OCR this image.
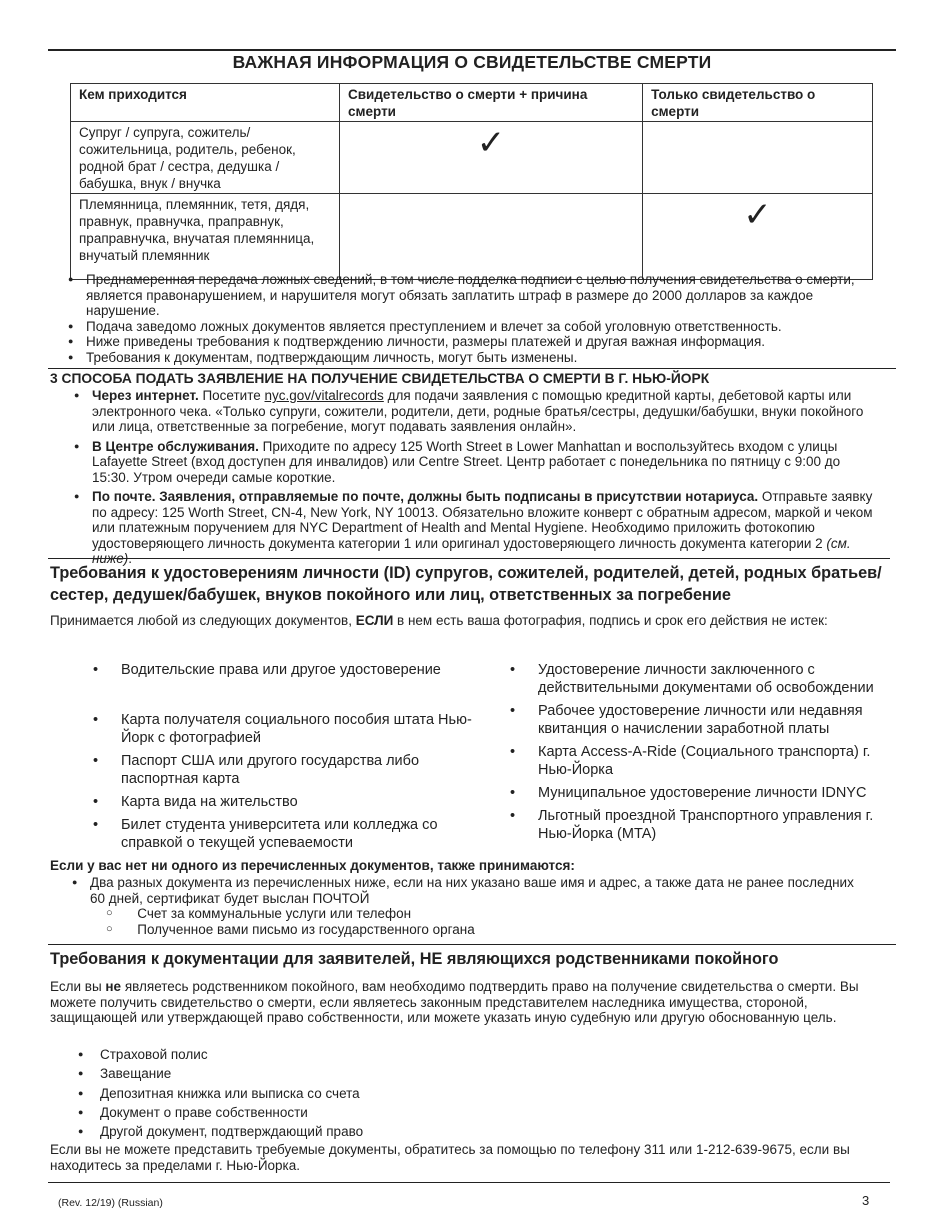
ВАЖНАЯ ИНФОРМАЦИЯ О СВИДЕТЕЛЬСТВЕ СМЕРТИ
Кем приходится	Свидетельство о смерти + причина смерти	Только свидетельство о смерти
Супруг / супруга, сожитель/сожительница, родитель, ребенок, родной брат / сестра, дедушка / бабушка, внук / внучка	✓	
Племянница, племянник, тетя, дядя, правнук, правнучка, праправнук, праправнучка, внучатая племянница, внучатый племянник		✓
● Преднамеренная передача ложных сведений, в том числе подделка подписи с целью получения свидетельства о смерти, является правонарушением, и нарушителя могут обязать заплатить штраф в размере до 2000 долларов за каждое нарушение.
● Подача заведомо ложных документов является преступлением и влечет за собой уголовную ответственность.
● Ниже приведены требования к подтверждению личности, размеры платежей и другая важная информация.
● Требования к документам, подтверждающим личность, могут быть изменены.
3 СПОСОБА ПОДАТЬ ЗАЯВЛЕНИЕ НА ПОЛУЧЕНИЕ СВИДЕТЕЛЬСТВА О СМЕРТИ В Г. НЬЮ-ЙОРК
● Через интернет. Посетите nyc.gov/vitalrecords для подачи заявления с помощью кредитной карты, дебетовой карты или электронного чека. «Только супруги, сожители, родители, дети, родные братья/сестры, дедушки/бабушки, внуки покойного или лица, ответственные за погребение, могут подавать заявления онлайн».
● В Центре обслуживания. Приходите по адресу 125 Worth Street в Lower Manhattan и воспользуйтесь входом с улицы Lafayette Street (вход доступен для инвалидов) или Centre Street. Центр работает с понедельника по пятницу с 9:00 до 15:30. Утром очереди самые короткие.
● По почте. Заявления, отправляемые по почте, должны быть подписаны в присутствии нотариуса. Отправьте заявку по адресу: 125 Worth Street, CN-4, New York, NY 10013. Обязательно вложите конверт с обратным адресом, маркой и чеком или платежным поручением для NYC Department of Health and Mental Hygiene. Необходимо приложить фотокопию удостоверяющего личность документа категории 1 или оригинал удостоверяющего личность документа категории 2 (см. ниже).
Требования к удостоверениям личности (ID) супругов, сожителей, родителей, детей, родных братьев/сестер, дедушек/бабушек, внуков покойного или лиц, ответственных за погребение

Принимается любой из следующих документов, ЕСЛИ в нем есть ваша фотография, подпись и срок его действия не истек:

• Водительские права или другое удостоверение
• Карта получателя социального пособия штата Нью-Йорк с фотографией
• Паспорт США или другого государства либо паспортная карта
• Карта вида на жительство
• Билет студента университета или колледжа со справкой о текущей успеваемости
• Удостоверение личности заключенного с действительными документами об освобождении
• Рабочее удостоверение личности или недавняя квитанция о начислении заработной платы
• Карта Access-A-Ride (Социального транспорта) г. Нью-Йорка
• Муниципальное удостоверение личности IDNYC
• Льготный проездной Транспортного управления г. Нью-Йорка (MTA)

Если у вас нет ни одного из перечисленных документов, также принимаются:

● Два разных документа из перечисленных ниже, если на них указано ваше имя и адрес, а также дата не ранее последних 60 дней, сертификат будет выслан ПОЧТОЙ
○ Счет за коммунальные услуги или телефон
○ Полученное вами письмо из государственного органа
Требования к документации для заявителей, НЕ являющихся родственниками покойного

Если вы не являетесь родственником покойного, вам необходимо подтвердить право на получение свидетельства о смерти. Вы можете получить свидетельство о смерти, если являетесь законным представителем наследника имущества, стороной, защищающей или утверждающей право собственности, или можете указать иную судебную или другую обоснованную цель.

● Страховой полис
● Завещание
● Депозитная книжка или выписка со счета
● Документ о праве собственности
● Другой документ, подтверждающий право

Если вы не можете представить требуемые документы, обратитесь за помощью по телефону 311 или 1-212-639-9675, если вы находитесь за пределами г. Нью-Йорка.

(Rev. 12/19) (Russian)	3
